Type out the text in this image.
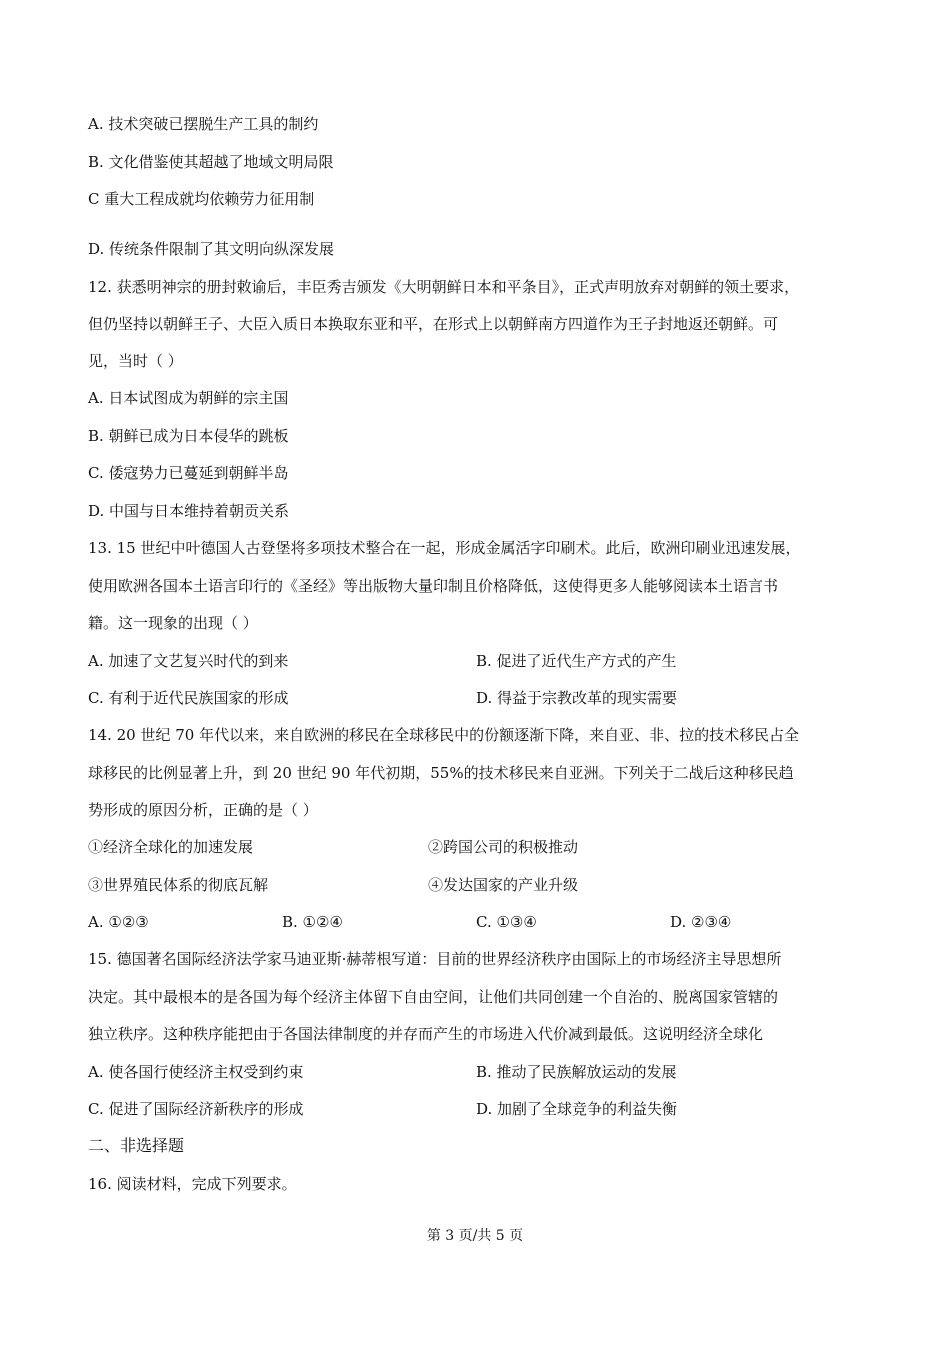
A. 技术突破已摆脱生产工具的制约
B. 文化借鉴使其超越了地域文明局限
C 重大工程成就均依赖劳力征用制
D. 传统条件限制了其文明向纵深发展
12. 获悉明神宗的册封敕谕后，丰臣秀吉颁发《大明朝鲜日本和平条目》，正式声明放弃对朝鲜的领土要求，
但仍坚持以朝鲜王子、大臣入质日本换取东亚和平，在形式上以朝鲜南方四道作为王子封地返还朝鲜。可
见，当时（ ）
A. 日本试图成为朝鲜的宗主国
B. 朝鲜已成为日本侵华的跳板
C. 倭寇势力已蔓延到朝鲜半岛
D. 中国与日本维持着朝贡关系
13. 15 世纪中叶德国人古登堡将多项技术整合在一起，形成金属活字印刷术。此后，欧洲印刷业迅速发展，
使用欧洲各国本土语言印行的《圣经》等出版物大量印制且价格降低，这使得更多人能够阅读本土语言书
籍。这一现象的出现（ ）
A. 加速了文艺复兴时代的到来	B. 促进了近代生产方式的产生
C. 有利于近代民族国家的形成	D. 得益于宗教改革的现实需要
14. 20 世纪 70 年代以来，来自欧洲的移民在全球移民中的份额逐渐下降，来自亚、非、拉的技术移民占全
球移民的比例显著上升，到 20 世纪 90 年代初期，55%的技术移民来自亚洲。下列关于二战后这种移民趋
势形成的原因分析，正确的是（ ）
①经济全球化的加速发展	②跨国公司的积极推动
③世界殖民体系的彻底瓦解	④发达国家的产业升级
A. ①②③	B. ①②④	C. ①③④	D. ②③④
15. 德国著名国际经济法学家马迪亚斯·赫蒂根写道：目前的世界经济秩序由国际上的市场经济主导思想所
决定。其中最根本的是各国为每个经济主体留下自由空间，让他们共同创建一个自治的、脱离国家管辖的
独立秩序。这种秩序能把由于各国法律制度的并存而产生的市场进入代价减到最低。这说明经济全球化
A. 使各国行使经济主权受到约束	B. 推动了民族解放运动的发展
C. 促进了国际经济新秩序的形成	D. 加剧了全球竞争的利益失衡
二、非选择题
16. 阅读材料，完成下列要求。
第 3 页/共 5 页
